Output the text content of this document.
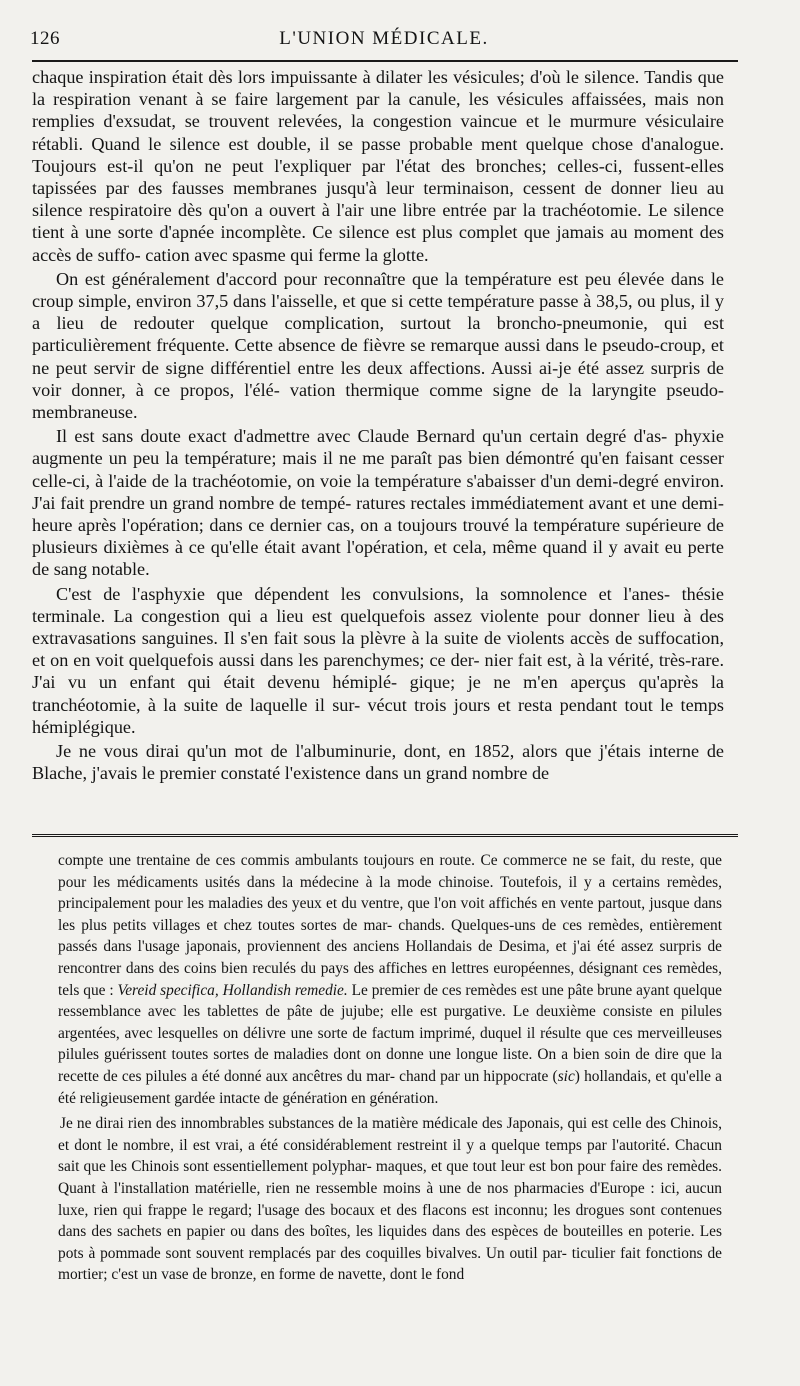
126	L'UNION MÉDICALE.

chaque inspiration était dès lors impuissante à dilater les vésicules; d'où le silence. Tandis que la respiration venant à se faire largement par la canule, les vésicules affaissées, mais non remplies d'exsudat, se trouvent relevées, la congestion vaincue et le murmure vésiculaire rétabli. Quand le silence est double, il se passe probable ment quelque chose d'analogue. Toujours est-il qu'on ne peut l'expliquer par l'état des bronches; celles-ci, fussent-elles tapissées par des fausses membranes jusqu'à leur terminaison, cessent de donner lieu au silence respiratoire dès qu'on a ouvert à l'air une libre entrée par la trachéotomie. Le silence tient à une sorte d'apnée incomplète. Ce silence est plus complet que jamais au moment des accès de suffo- cation avec spasme qui ferme la glotte.

On est généralement d'accord pour reconnaître que la température est peu élevée dans le croup simple, environ 37,5 dans l'aisselle, et que si cette température passe à 38,5, ou plus, il y a lieu de redouter quelque complication, surtout la broncho-pneumonie, qui est particulièrement fréquente. Cette absence de fièvre se remarque aussi dans le pseudo-croup, et ne peut servir de signe différentiel entre les deux affections. Aussi ai-je été assez surpris de voir donner, à ce propos, l'élé- vation thermique comme signe de la laryngite pseudo-membraneuse.

Il est sans doute exact d'admettre avec Claude Bernard qu'un certain degré d'as- phyxie augmente un peu la température; mais il ne me paraît pas bien démontré qu'en faisant cesser celle-ci, à l'aide de la trachéotomie, on voie la température s'abaisser d'un demi-degré environ. J'ai fait prendre un grand nombre de tempé- ratures rectales immédiatement avant et une demi-heure après l'opération; dans ce dernier cas, on a toujours trouvé la température supérieure de plusieurs dixièmes à ce qu'elle était avant l'opération, et cela, même quand il y avait eu perte de sang notable.

C'est de l'asphyxie que dépendent les convulsions, la somnolence et l'anes- thésie terminale. La congestion qui a lieu est quelquefois assez violente pour donner lieu à des extravasations sanguines. Il s'en fait sous la plèvre à la suite de violents accès de suffocation, et on en voit quelquefois aussi dans les parenchymes; ce der- nier fait est, à la vérité, très-rare. J'ai vu un enfant qui était devenu hémiplé- gique; je ne m'en aperçus qu'après la tranchéotomie, à la suite de laquelle il sur- vécut trois jours et resta pendant tout le temps hémiplégique.

Je ne vous dirai qu'un mot de l'albuminurie, dont, en 1852, alors que j'étais interne de Blache, j'avais le premier constaté l'existence dans un grand nombre de

compte une trentaine de ces commis ambulants toujours en route. Ce commerce ne se fait, du reste, que pour les médicaments usités dans la médecine à la mode chinoise. Toutefois, il y a certains remèdes, principalement pour les maladies des yeux et du ventre, que l'on voit affichés en vente partout, jusque dans les plus petits villages et chez toutes sortes de mar- chands. Quelques-uns de ces remèdes, entièrement passés dans l'usage japonais, proviennent des anciens Hollandais de Desima, et j'ai été assez surpris de rencontrer dans des coins bien reculés du pays des affiches en lettres européennes, désignant ces remèdes, tels que : Vereid specifica, Hollandish remedie. Le premier de ces remèdes est une pâte brune ayant quelque ressemblance avec les tablettes de pâte de jujube; elle est purgative. Le deuxième consiste en pilules argentées, avec lesquelles on délivre une sorte de factum imprimé, duquel il résulte que ces merveilleuses pilules guérissent toutes sortes de maladies dont on donne une longue liste. On a bien soin de dire que la recette de ces pilules a été donné aux ancêtres du mar- chand par un hippocrate (sic) hollandais, et qu'elle a été religieusement gardée intacte de génération en génération.

Je ne dirai rien des innombrables substances de la matière médicale des Japonais, qui est celle des Chinois, et dont le nombre, il est vrai, a été considérablement restreint il y a quelque temps par l'autorité. Chacun sait que les Chinois sont essentiellement polyphar- maques, et que tout leur est bon pour faire des remèdes. Quant à l'installation matérielle, rien ne ressemble moins à une de nos pharmacies d'Europe : ici, aucun luxe, rien qui frappe le regard; l'usage des bocaux et des flacons est inconnu; les drogues sont contenues dans des sachets en papier ou dans des boîtes, les liquides dans des espèces de bouteilles en poterie. Les pots à pommade sont souvent remplacés par des coquilles bivalves. Un outil par- ticulier fait fonctions de mortier; c'est un vase de bronze, en forme de navette, dont le fond
